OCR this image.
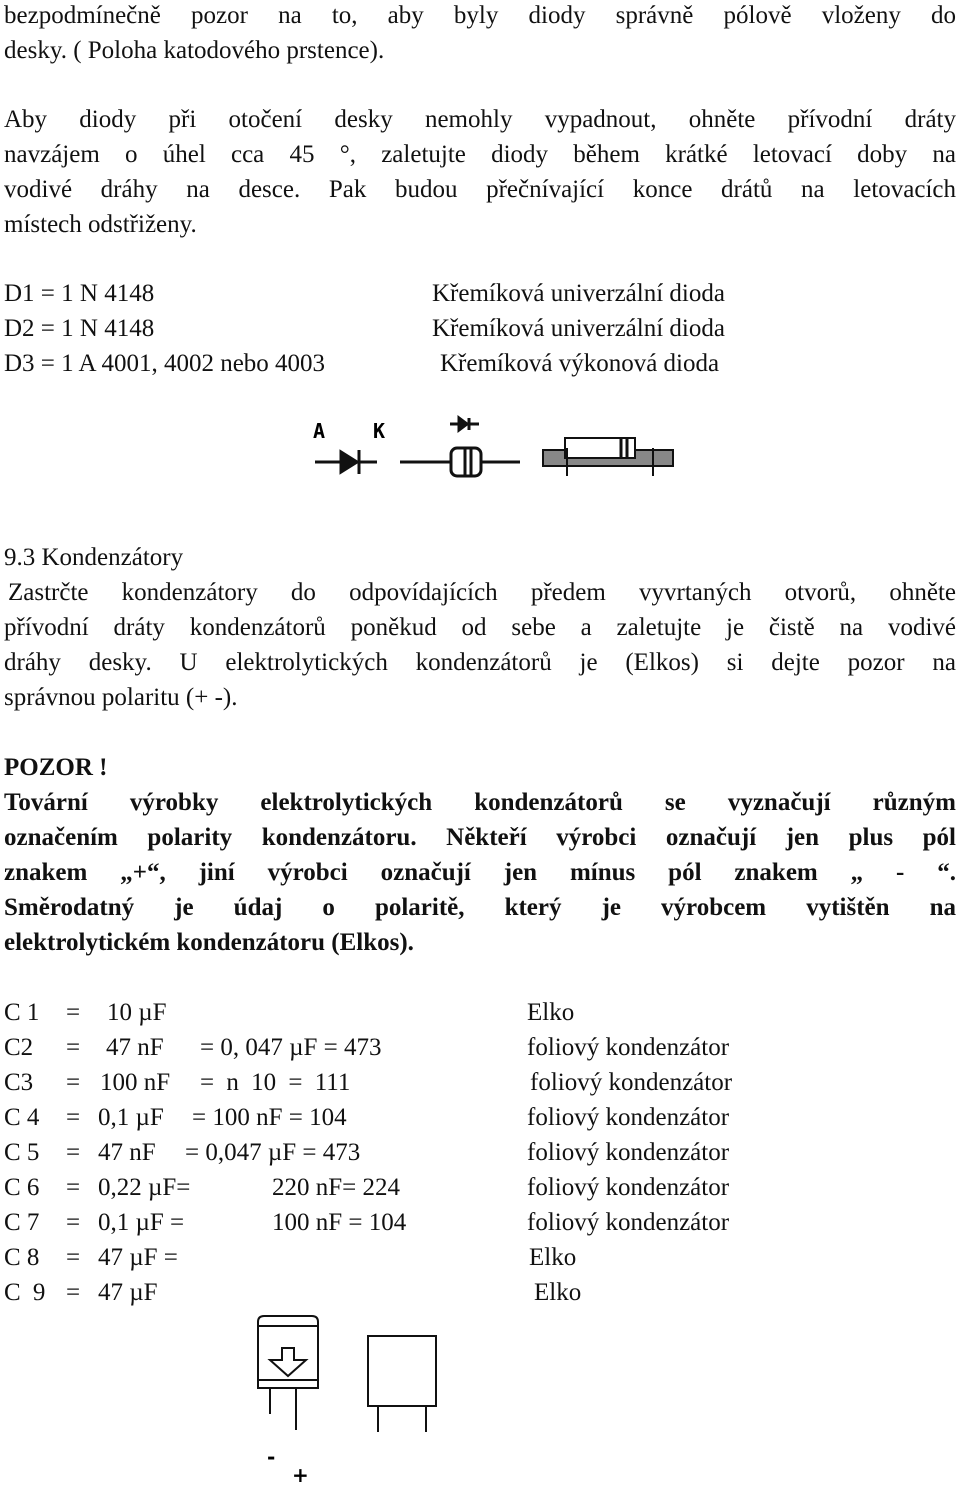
bezpodmínečně pozor na to, aby byly diody správně pólově vloženy do
desky. ( Poloha katodového prstence).
Aby diody při otočení desky nemohly vypadnout, ohněte přívodní dráty
navzájem o úhel cca 45 °, zaletujte diody během krátké letovací doby na
vodivé dráhy na desce. Pak budou přečnívající konce drátů na letovacích
místech odstřiženy.
D1 = 1 N 4148	Křemíková univerzální dioda
D2 = 1 N 4148	Křemíková univerzální dioda
D3 = 1 A 4001, 4002 nebo 4003	Křemíková výkonová dioda
A K
9.3 Kondenzátory
Zastrčte kondenzátory do odpovídajících předem vyvrtaných otvorů, ohněte
přívodní dráty kondenzátorů poněkud od sebe a zaletujte je čistě na vodivé
dráhy desky. U elektrolytických kondenzátorů je (Elkos) si dejte pozor na
správnou polaritu (+ -).
POZOR !
Tovární výrobky elektrolytických kondenzátorů se vyznačují různým
označením polarity kondenzátoru. Někteří výrobci označují jen plus pól
znakem „+“, jiní výrobci označují jen mínus pól znakem „ - “.
Směrodatný je údaj o polaritě, který je výrobcem vytištěn na
elektrolytickém kondenzátoru (Elkos).
C 1 = 10 µF	Elko
C2 = 47 nF = 0, 047 µF = 473	foliový kondenzátor
C3 = 100 nF = n 10 = 111	foliový kondenzátor
C 4 = 0,1 µF = 100 nF = 104	foliový kondenzátor
C 5 = 47 nF = 0,047 µF = 473	foliový kondenzátor
C 6 = 0,22 µF=	220 nF= 224	foliový kondenzátor
C 7 = 0,1 µF =	100 nF = 104	foliový kondenzátor
C 8 = 47 µF =	Elko
C 9 = 47 µF	Elko
-
+
